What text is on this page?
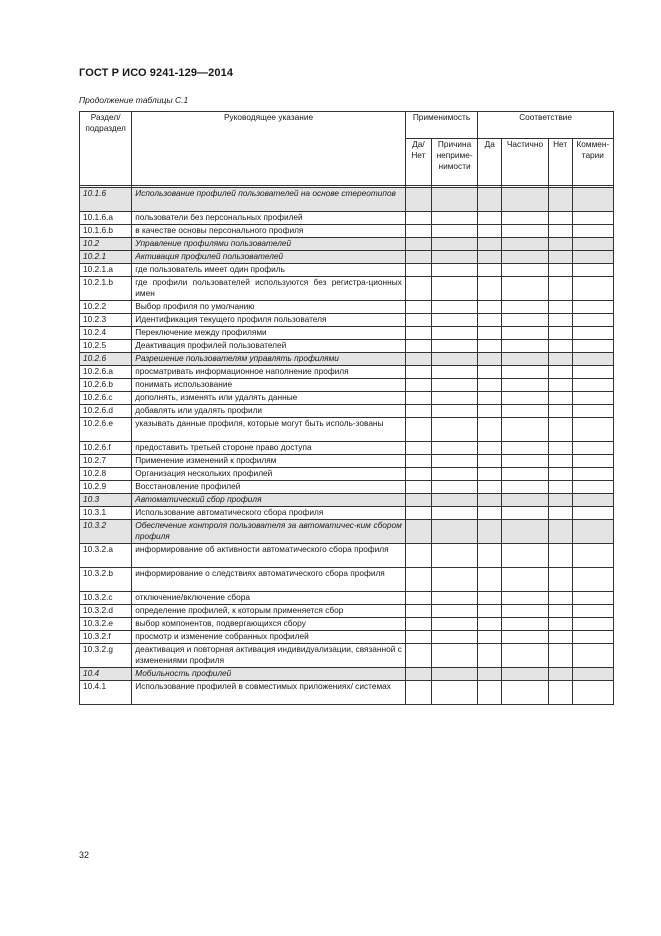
ГОСТ Р ИСО 9241-129—2014
Продолжение таблицы С.1
Раздел/ подраздел	Руководящее указание	Применимость		Соответствие			
		Да/ Нет	Причина неприме-нимости	Да	Частично	Нет	Коммен-тарии

10.1.6	Использование профилей пользователей на основе стереотипов						
10.1.6.a	пользователи без персональных профилей						
10.1.6.b	в качестве основы персонального профиля						
10.2	Управление профилями пользователей						
10.2.1	Активация профилей пользователей						
10.2.1.a	где пользователь имеет один профиль						
10.2.1.b	где профили пользователей используются без регистра-ционных имен						
10.2.2	Выбор профиля по умолчанию						
10.2.3	Идентификация текущего профиля пользователя						
10.2.4	Переключение между профилями						
10.2.5	Деактивация профилей пользователей						
10.2.6	Разрешение пользователям управлять профилями						
10.2.6.a	просматривать информационное наполнение профиля						
10.2.6.b	понимать использование						
10.2.6.c	дополнять, изменять или удалять данные						
10.2.6.d	добавлять или удалять профили						
10.2.6.e	указывать данные профиля, которые могут быть исполь-зованы						
10.2.6.f	предоставить третьей стороне право доступа						
10.2.7	Применение изменений к профилям						
10.2.8	Организация нескольких профилей						
10.2.9	Восстановление профилей						
10.3	Автоматический сбор профиля						
10.3.1	Использование автоматического сбора профиля						
10.3.2	Обеспечение контроля пользователя за автоматичес-ким сбором профиля						
10.3.2.a	информирование об активности автоматического сбора профиля						
10.3.2.b	информирование о следствиях автоматического сбора профиля						
10.3.2.c	отключение/включение сбора						
10.3.2.d	определение профилей, к которым применяется сбор						
10.3.2.e	выбор компонентов, подвергающихся сбору						
10.3.2.f	просмотр и изменение собранных профилей						
10.3.2.g	деактивация и повторная активация индивидуализации, связанной с изменениями профиля						
10.4	Мобильность профилей						
10.4.1	Использование профилей в совместимых приложениях/ системах						
32
